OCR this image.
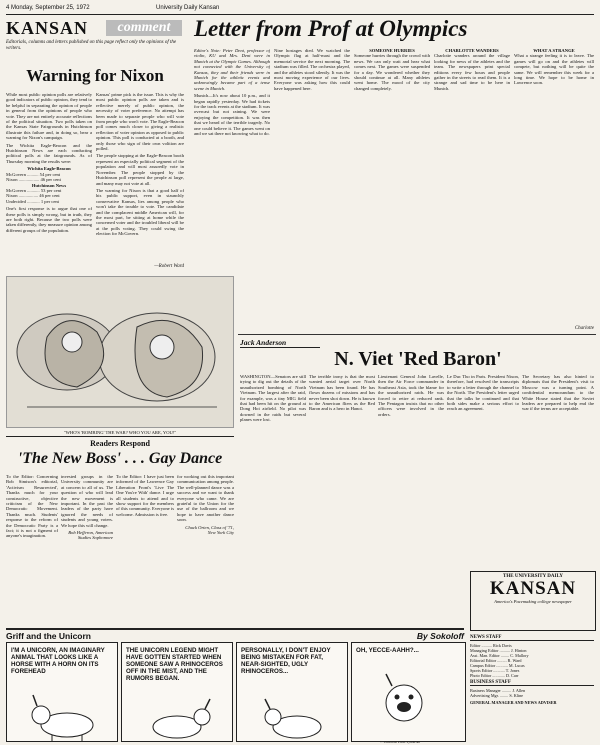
4 Monday, September 25, 1972	University Daily Kansan
KANSAN	comment
Editorials, columns and letters published on this page reflect only the opinions of the writers.
Warning for Nixon

While most public opinion polls are relatively good indicators of public opinion, they tend to be helpful in separating the opinion of people in general from the opinions of people who vote. They are not entirely accurate reflections of the political situation. Two polls taken on the Kansas State Fairgrounds in Hutchinson illustrate this failure and, in doing so, bear a warning for Nixon's campaign.

The Wichita Eagle-Beacon and the Hutchinson News are each conducting political polls at the fairgrounds. As of Thursday morning the results were:

Wichita Eagle-Beacon
McGovern .......... 54 per cent
Nixon .................. 46 per cent
Hutchinson News
McGovern ........... 53 per cent
Nixon ................. 46 per cent
Undecided ........... 1 per cent

One's first response is to argue that one of these polls is simply wrong, but in truth, they are both right. Because the two polls were taken differently, they measure opinion among different groups of the population.

Kansas' prime pick is the issue. This is why the most public opinion polls are taken and is reflective merely of public opinion, the necessity of voter preference. No attempt has been made to separate people who will vote from people who won't vote. The Eagle-Beacon poll comes much closer to giving a realistic reflection of voter opinion as opposed to public opinion. This poll is conducted at a booth, and only those who sign of their own volition are polled.

The people stopping at the Eagle-Beacon booth represent an especially political segment of the population and will most assuredly vote in November. The people stopped by the Hutchinson poll represent the people at large, and many may not vote at all.

The warning for Nixon is that a good half of his public support, even in staunchly conservative Kansas, lies among people who won't take the trouble to vote. The candidate and the complacent middle American will, for the most part, be sitting at home while the concerned voter and the troubled liberal will be at the polls voting. They could swing the election for McGovern.

—Robert Ward
Letter from Prof at Olympics

Editor's Note: Peter Dent, professor of violin, KU and Mrs. Dent were in Munich at the Olympic Games. Although not connected with the University of Kansas, they and their friends were in Munich for the athletic events and unknowingly became part of a tense scene in Munich.

Munich—It's now about 10 p.m., and it began rapidly yesterday. We had tickets for the track events at the stadium. It was overcast but not raining. We were enjoying the competition. It was then that we heard of the terrible tragedy. No one could believe it. The games went on and we sat there not knowing what to do.

Nine hostages died. We watched the Olympic flag at half-mast and the memorial service the next morning. The stadium was filled. The orchestra played, and the athletes stood silently. It was the most moving experience of our lives. Everyone was asking how this could have happened here.

SOMEONE HURRIES

Someone hurries through the crowd with news. We can only wait and hear what comes next. The games were suspended for a day. We wondered whether they should continue at all. Many athletes went home. The mood of the city changed completely.

CHARLOTTE WANDERS

Charlotte wanders around the village looking for news of the athletes and the team. The newspapers print special editions every few hours and people gather in the streets to read them. It is a strange and sad time to be here in Munich.

WHAT A STRANGE

What a strange feeling it is to leave. The games will go on and the athletes will compete, but nothing will be quite the same. We will remember this week for a long time. We hope to be home in Lawrence soon.

Charlotte
"WHO'S 'BOMBING' THE WAR? WHO YOU ARE, YOU!"
Jack Anderson
N. Viet 'Red Baron'
WASHINGTON—Senators are still trying to dig out the details of the unauthorized bombing of North Vietnam. The largest after the raid, for example, was a tiny MIG field that had been hit on the ground at Dong Hoi airfield. No pilot was downed in the raids but several planes were lost.
The terrible irony is that the most wanted aerial target over North Vietnam has been found. He has flown dozens of missions and has never been shot down. He is known to the American fliers as the Red Baron and is a hero in Hanoi.
Lieutenant General John Lavelle, then the Air Force commander in Southeast Asia, took the blame for the unauthorized raids. He was forced to retire at reduced rank. The Pentagon insists that no other officers were involved in the orders.
Le Duc Tho in Paris. President Nixon, therefore, had resolved the transcripts to write a letter through the channel to the North. The President's letter urged that the talks be continued and that both sides make a serious effort to reach an agreement.
The Secretary has also hinted to diplomats that the President's visit to Moscow was a turning point. A confidential memorandum to the White House stated that the Soviet leaders are prepared to help end the war if the terms are acceptable.
Readers Respond
'The New Boss' . . . Gay Dance
To the Editor: Concerning Bob Simison's editorial, 'Activism Resurrected', Thanks much for your constructive, objective criticism of the New Democratic Movement. Thanks much. Students' response to the reform of the Democratic Party is a fact; it is not a figment of anyone's imagination.

invested groups in the University community are at concern to all of us. The question of who will lead the new movement is important. In the past the leaders of the party have ignored the needs of students and young voters. We hope this will change.

Bob Hefferon, American Studies Sophomore

To the Editor: I have just been informed of the Lawrence Gay Liberation Front's 'Live The One You're With' dance. I urge all students to attend and to show support for the members of this community. Everyone is welcome. Admission is free.

for working out this important communication among people. The well-planned dance was a success and we want to thank everyone who came. We are grateful to the Union for the use of the ballroom and we hope to have another dance soon.

Chuck Orten, Class of '71, New York City

THE UNIVERSITY DAILY
KANSAN
America's Pacemaking college newspaper
NEWS STAFF
Editor .......... Rick Davis
Managing Editor .......... J. Hinton
Asst. Man. Editor ........ C. Mallory
Editorial Editor ......... R. Ward
Campus Editor ........... M. Lucas
Sports Editor ........... T. Jones
Photo Editor ............ D. Carr
BUSINESS STAFF
Business Manager ......... J. Allen
Advertising Mgr. ........ S. Kline
GENERAL MANAGER AND NEWS ADVISER
Griff and the Unicorn	By Sokoloff
I'M A UNICORN, AN IMAGINARY ANIMAL THAT LOOKS LIKE A HORSE WITH A HORN ON ITS FOREHEAD
THE UNICORN LEGEND MIGHT HAVE GOTTEN STARTED WHEN SOMEONE SAW A RHINOCEROS OFF IN THE MIST, AND THE RUMORS BEGAN.
PERSONALLY, I DON'T ENJOY BEING MISTAKEN FOR FAT, NEAR-SIGHTED, UGLY RHINOCEROS...
OH, YECCE-AAHH?...
© Universal Press Syndicate
